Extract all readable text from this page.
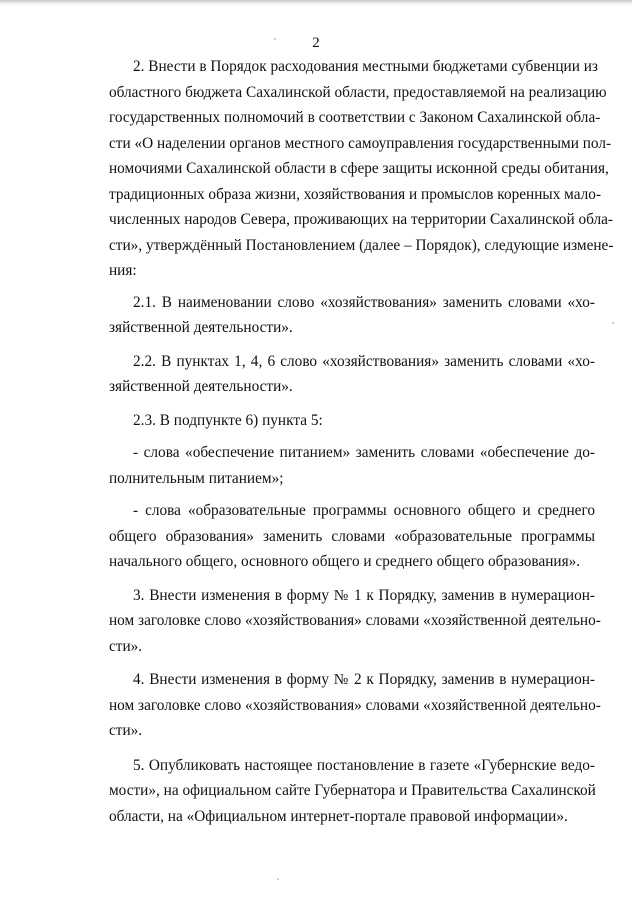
2

2. Внести в Порядок расходования местными бюджетами субвенции из
областного бюджета Сахалинской области, предоставляемой на реализацию
государственных полномочий в соответствии с Законом Сахалинской обла-
сти «О наделении органов местного самоуправления государственными пол-
номочиями Сахалинской области в сфере защиты исконной среды обитания,
традиционных образа жизни, хозяйствования и промыслов коренных мало-
численных народов Севера, проживающих на территории Сахалинской обла-
сти», утверждённый Постановлением (далее – Порядок), следующие измене-
ния:

2.1. В наименовании слово «хозяйствования» заменить словами «хо-
зяйственной деятельности».

2.2. В пунктах 1, 4, 6 слово «хозяйствования» заменить словами «хо-
зяйственной деятельности».

2.3. В подпункте 6) пункта 5:

- слова «обеспечение питанием» заменить словами «обеспечение до-
полнительным питанием»;

- слова «образовательные программы основного общего и среднего
общего образования» заменить словами «образовательные программы
начального общего, основного общего и среднего общего образования».

3. Внести изменения в форму № 1 к Порядку, заменив в нумерацион-
ном заголовке слово «хозяйствования» словами «хозяйственной деятельно-
сти».

4. Внести изменения в форму № 2 к Порядку, заменив в нумерацион-
ном заголовке слово «хозяйствования» словами «хозяйственной деятельно-
сти».

5. Опубликовать настоящее постановление в газете «Губернские ведо-
мости», на официальном сайте Губернатора и Правительства Сахалинской
области, на «Официальном интернет-портале правовой информации».
